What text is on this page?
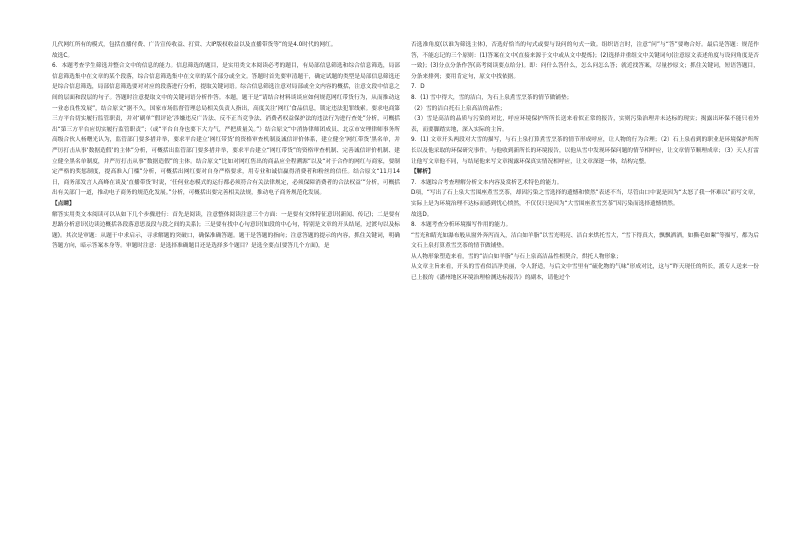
几代网红所有的模式，包括直播付费、广告宣传收益、打赏、大IP版权收益以及直播带货等”的是4.0时代的网红。

故选C。

6．本题考查学生筛选并整合文中的信息的能力。信息筛选的题目，是实用类文本阅读必考的题目，有局部信息筛选和综合信息筛选，局部信息筛选集中在文章的某个段落，综合信息筛选集中在文章的某个部分或全文。答题时首先要审清题干，确定试题的类型是局部信息筛选还是综合信息筛选，局部信息筛选要对对应的段落进行分析，提取关键词语。综合信息筛选注意对局部或全文内容的概括，注意文段中信息之间的层面和段层的句子。答题时注意提取文中的关键词语分析作答。本题，题干是“请结合材料谈谈应如何规范网红带货行为，从而推动这一业态良性发展”，结合原文“据不久，国家市场监督管理总局相关负责人指出，高度关注‘网红’食品信息，锁定违法犯罪线索。要求电商第三方平台切实履行监管职责，并对‘刷单’‘假评论’涉嫌违反广告法、反不正当竞争法、消费者权益保护法的违法行为进行查处”分析，可概括出“第三方平台应切实履行监管职责”；（或“平台自身也要下大力气，严把质量关。”）结合原文“中消协律师团成员、北京市安理律师事务所高级合伙人杨曙光认为，监管部门要多措并举，要求平台建立‘网红带货’的资格审查机制及诚信评价体系，建立健全‘网红带货’黑名单，并严厉打击从事‘数据造假’的主体”分析，可概括出监管部门要多措并举，要求平台建立“网红带货”的资格审查机制、完善诚信评价机制、建立健全黑名单制度，并严厉打击从事“数据造假”的主体。结合原文“比如对网红售出的商品应全程溯源”以及“对于合作的网红与商家，要制定严格的奖惩制度，提高准入门槛”分析，可概括出网红要对自身严格要求，用专业和诚信赢得消费者和粉丝的信任。结合原文“11月14日，商务部发言人高峰在谈及‘直播带货’时说，‘任何业态模式的运行都必须符合有关法律规定，必须保障消费者的合法权益’”分析，可概括出有关部门一道，推动电子商务的规范化发展。”分析，可概括出要完善相关法规，推动电子商务规范化发展。

【点睛】

解答实用类文本阅读可以从如下几个步骤进行：首先是阅读，注意整体阅读注意三个方面：一是要有文体特征意识(新闻、传记)；二是要有思路分析意识(边读边概括各段落意思及段与段之间的关系)；三是要有找中心句意识(如段的中心句，特别是文章的开头结尾，过渡句以及标题)。其次是审题：从题干中求启示，寻求解题的突破口，确保准确答题。题干是答题的指向；注意答题的提示的内容，抓住关键词，明确答题方向，暗示答案本身等。审题时注意：是选择准确题目还是选择多个题目？是选全要点(要答几个方面)，是

否选准角度(以谁为筛选主体)，否选好恰当的句式或要与设问的句式一致。组织语言时，注意“问”与“答”要吻合好。最后是答题：规范作答，不能忘记的三个原则：(1)答案在文中(直接来源于文中或从文中提炼)；(2)选择并重组文中关键词句(注意原文表述角度与设问角度是否一致)；(3)分点分条作答(高考阅读要点给分)。即：问什么答什么，怎么问怎么答；就近找答案，尽量抄原文；抓住关键词，短语答题目，分条来排列；要用肯定句，原文中找依据。

7．D

8．(1) 雪中得大，雪的洁白，为石上泉煮雪烹茶的情节做铺垫；

（2）雪的洁白托石上泉高洁的品性；

（3）雪是高洁的品质与污染的对比，呼应环境保护所所长送来看似正常的报告，实则污染治理并未达标的现实；揭露出环保不能只看外表，而要脚踏实地，深入实际的主旨。

9．(1) 文章开头两段对大雪的描写，与石上泉打算煮雪烹茶的情节形成呼应，让人物的行为合理；（2）石上泉看到的职业是环境保护所所长以及他采取的环保研究事件，与他收到新所长的环境报告，以他从雪中发现环保问题的情节相呼应，让文章情节顺理成章；（3）天人打雷让他写文章他不同，与结尾他来写文章揭露环保真实情况相呼应，让文章深邃一体，结构完整。

【解析】

7．本题综合考查理解分析文本内容及赏析艺术特色的能力。

D项，“写出了石上泉大雪围座煮雪烹茶，却因污染之雪选择的遗憾和愤然”表述不当，尽管由口中说是因为“太怒了我一怀难以”而写文章，实际上是为环境治理不达标而感到忧心愤然，不仅仅只是因为“大雪围座煮雪烹茶”因污染而选择遗憾愤然。

故选D。

8．本题考查分析环境描写作用的能力。

“雪光和睛光如瀑布般从窗外奔泻而入，洁白如羊脂”以雪光明亮、洁白来烘托雪大，“雪下得真大，飘飘洒洒，如撕毛如絮”等描写，都为后文石上泉打算煮雪烹茶的情节做铺垫。

从人物形象塑造来看，雪的“洁白如羊脂”与石上泉高洁品性相契合，烘托人物形象；

从文章主旨来看，开头的雪看似洁净美丽，令人舒适，与后文中雪里有“硫化物的气味”形成对比，这与“昨天现任的所长，派专人送来一份已上报的《潘州地区环境治理检测达标报告》的副本，请他过个
